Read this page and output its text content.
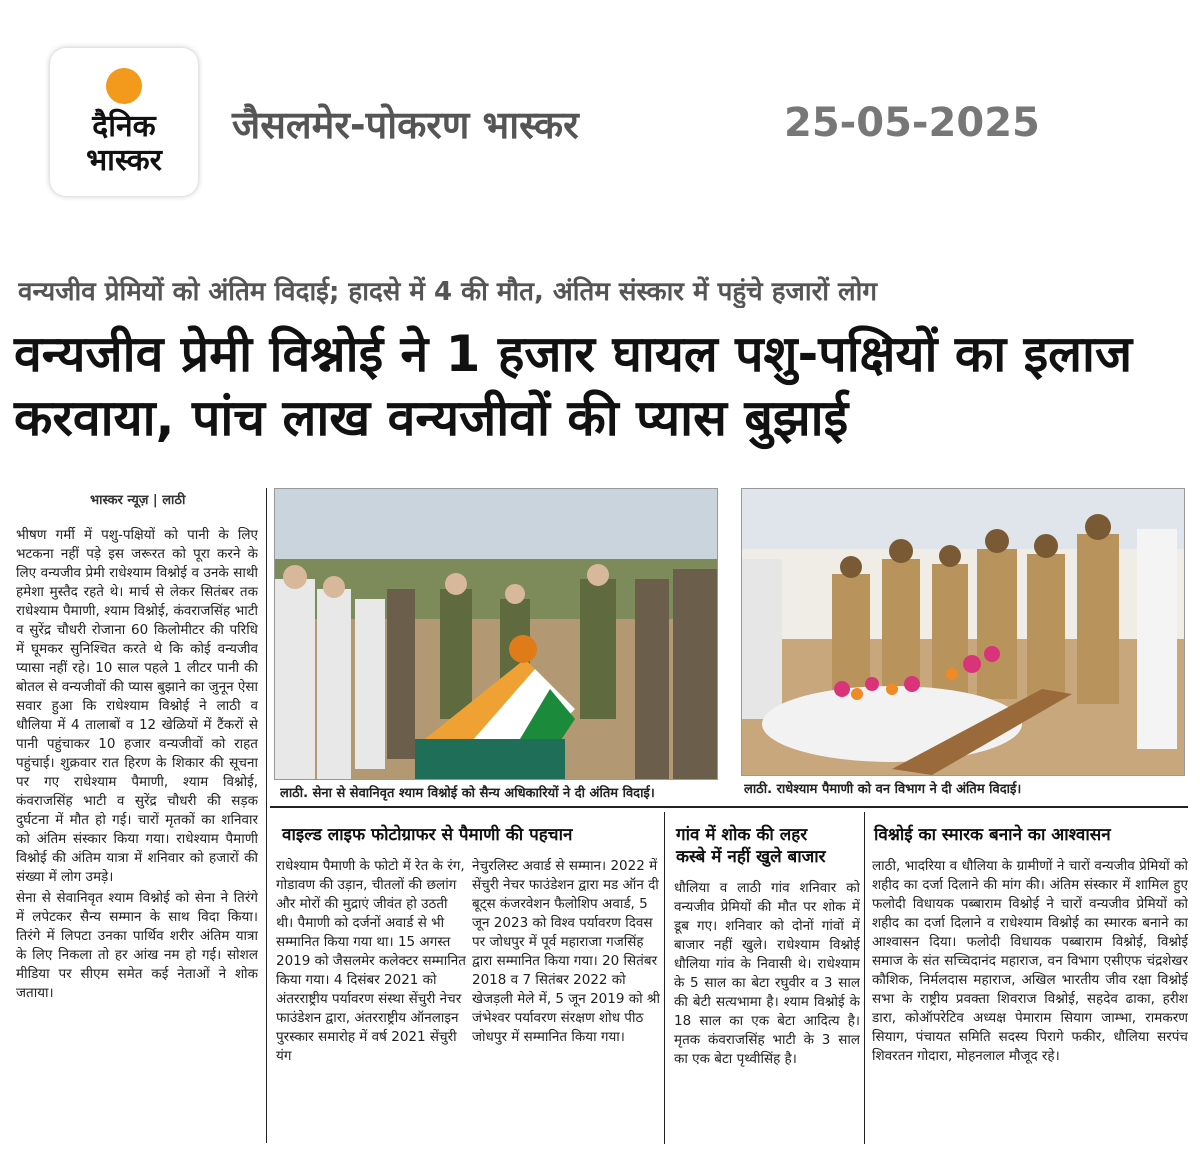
दैनिक
भास्कर
जैसलमेर-पोकरण भास्कर	25-05-2025
वन्यजीव प्रेमियों को अंतिम विदाई; हादसे में 4 की मौत, अंतिम संस्कार में पहुंचे हजारों लोग
वन्यजीव प्रेमी विश्नोई ने 1 हजार घायल पशु-पक्षियों का इलाज करवाया, पांच लाख वन्यजीवों की प्यास बुझाई
भास्कर न्यूज़ | लाठी
भीषण गर्मी में पशु-पक्षियों को पानी के लिए भटकना नहीं पड़े इस जरूरत को पूरा करने के लिए वन्यजीव प्रेमी राधेश्याम विश्नोई व उनके साथी हमेशा मुस्तैद रहते थे। मार्च से लेकर सितंबर तक राधेश्याम पैमाणी, श्याम विश्नोई, कंवराजसिंह भाटी व सुरेंद्र चौधरी रोजाना 60 किलोमीटर की परिधि में घूमकर सुनिश्चित करते थे कि कोई वन्यजीव प्यासा नहीं रहे। 10 साल पहले 1 लीटर पानी की बोतल से वन्यजीवों की प्यास बुझाने का जुनून ऐसा सवार हुआ कि राधेश्याम विश्नोई ने लाठी व धौलिया में 4 तालाबों व 12 खेळियों में टैंकरों से पानी पहुंचाकर 10 हजार वन्यजीवों को राहत पहुंचाई। शुक्रवार रात हिरण के शिकार की सूचना पर गए राधेश्याम पैमाणी, श्याम विश्नोई, कंवराजसिंह भाटी व सुरेंद्र चौधरी की सड़क दुर्घटना में मौत हो गई। चारों मृतकों का शनिवार को अंतिम संस्कार किया गया। राधेश्याम पैमाणी विश्नोई की अंतिम यात्रा में शनिवार को हजारों की संख्या में लोग उमड़े।
सेना से सेवानिवृत श्याम विश्नोई को सेना ने तिरंगे में लपेटकर सैन्य सम्मान के साथ विदा किया। तिरंगे में लिपटा उनका पार्थिव शरीर अंतिम यात्रा के लिए निकला तो हर आंख नम हो गई। सोशल मीडिया पर सीएम समेत कई नेताओं ने शोक जताया।
लाठी. सेना से सेवानिवृत श्याम विश्नोई को सैन्य अधिकारियों ने दी अंतिम विदाई।	लाठी. राधेश्याम पैमाणी को वन विभाग ने दी अंतिम विदाई।
वाइल्ड लाइफ फोटोग्राफर से पैमाणी की पहचान
राधेश्याम पैमाणी के फोटो में रेत के रंग, गोडावण की उड़ान, चीतलों की छलांग और मोरों की मुद्राएं जीवंत हो उठती थी। पैमाणी को दर्जनों अवार्ड से भी सम्मानित किया गया था। 15 अगस्त 2019 को जैसलमेर कलेक्टर सम्मानित किया गया। 4 दिसंबर 2021 को अंतरराष्ट्रीय पर्यावरण संस्था सेंचुरी नेचर फाउंडेशन द्वारा, अंतरराष्ट्रीय ऑनलाइन पुरस्कार समारोह में वर्ष 2021 सेंचुरी यंग
नेचुरलिस्ट अवार्ड से सम्मान। 2022 में सेंचुरी नेचर फाउंडेशन द्वारा मड ऑन दी बूट्स कंजरवेशन फैलोशिप अवार्ड, 5 जून 2023 को विश्व पर्यावरण दिवस पर जोधपुर में पूर्व महाराजा गजसिंह द्वारा सम्मानित किया गया। 20 सितंबर 2018 व 7 सितंबर 2022 को खेजड़ली मेले में, 5 जून 2019 को श्री जंभेश्वर पर्यावरण संरक्षण शोध पीठ जोधपुर में सम्मानित किया गया।
गांव में शोक की लहर
कस्बे में नहीं खुले बाजार
धौलिया व लाठी गांव शनिवार को वन्यजीव प्रेमियों की मौत पर शोक में डूब गए। शनिवार को दोनों गांवों में बाजार नहीं खुले। राधेश्याम विश्नोई धौलिया गांव के निवासी थे। राधेश्याम के 5 साल का बेटा रघुवीर व 3 साल की बेटी सत्यभामा है। श्याम विश्नोई के 18 साल का एक बेटा आदित्य है। मृतक कंवराजसिंह भाटी के 3 साल का एक बेटा पृथ्वीसिंह है।
विश्नोई का स्मारक बनाने का आश्वासन
लाठी, भादरिया व धौलिया के ग्रामीणों ने चारों वन्यजीव प्रेमियों को शहीद का दर्जा दिलाने की मांग की। अंतिम संस्कार में शामिल हुए फलोदी विधायक पब्बाराम विश्नोई ने चारों वन्यजीव प्रेमियों को शहीद का दर्जा दिलाने व राधेश्याम विश्नोई का स्मारक बनाने का आश्वासन दिया। फलोदी विधायक पब्बाराम विश्नोई, विश्नोई समाज के संत सच्चिदानंद महाराज, वन विभाग एसीएफ चंद्रशेखर कौशिक, निर्मलदास महाराज, अखिल भारतीय जीव रक्षा विश्नोई सभा के राष्ट्रीय प्रवक्ता शिवराज विश्नोई, सहदेव ढाका, हरीश डारा, कोऑपरेटिव अध्यक्ष पेमाराम सियाग जाम्भा, रामकरण सियाग, पंचायत समिति सदस्य पिरागे फकीर, धौलिया सरपंच शिवरतन गोदारा, मोहनलाल मौजूद रहे।
